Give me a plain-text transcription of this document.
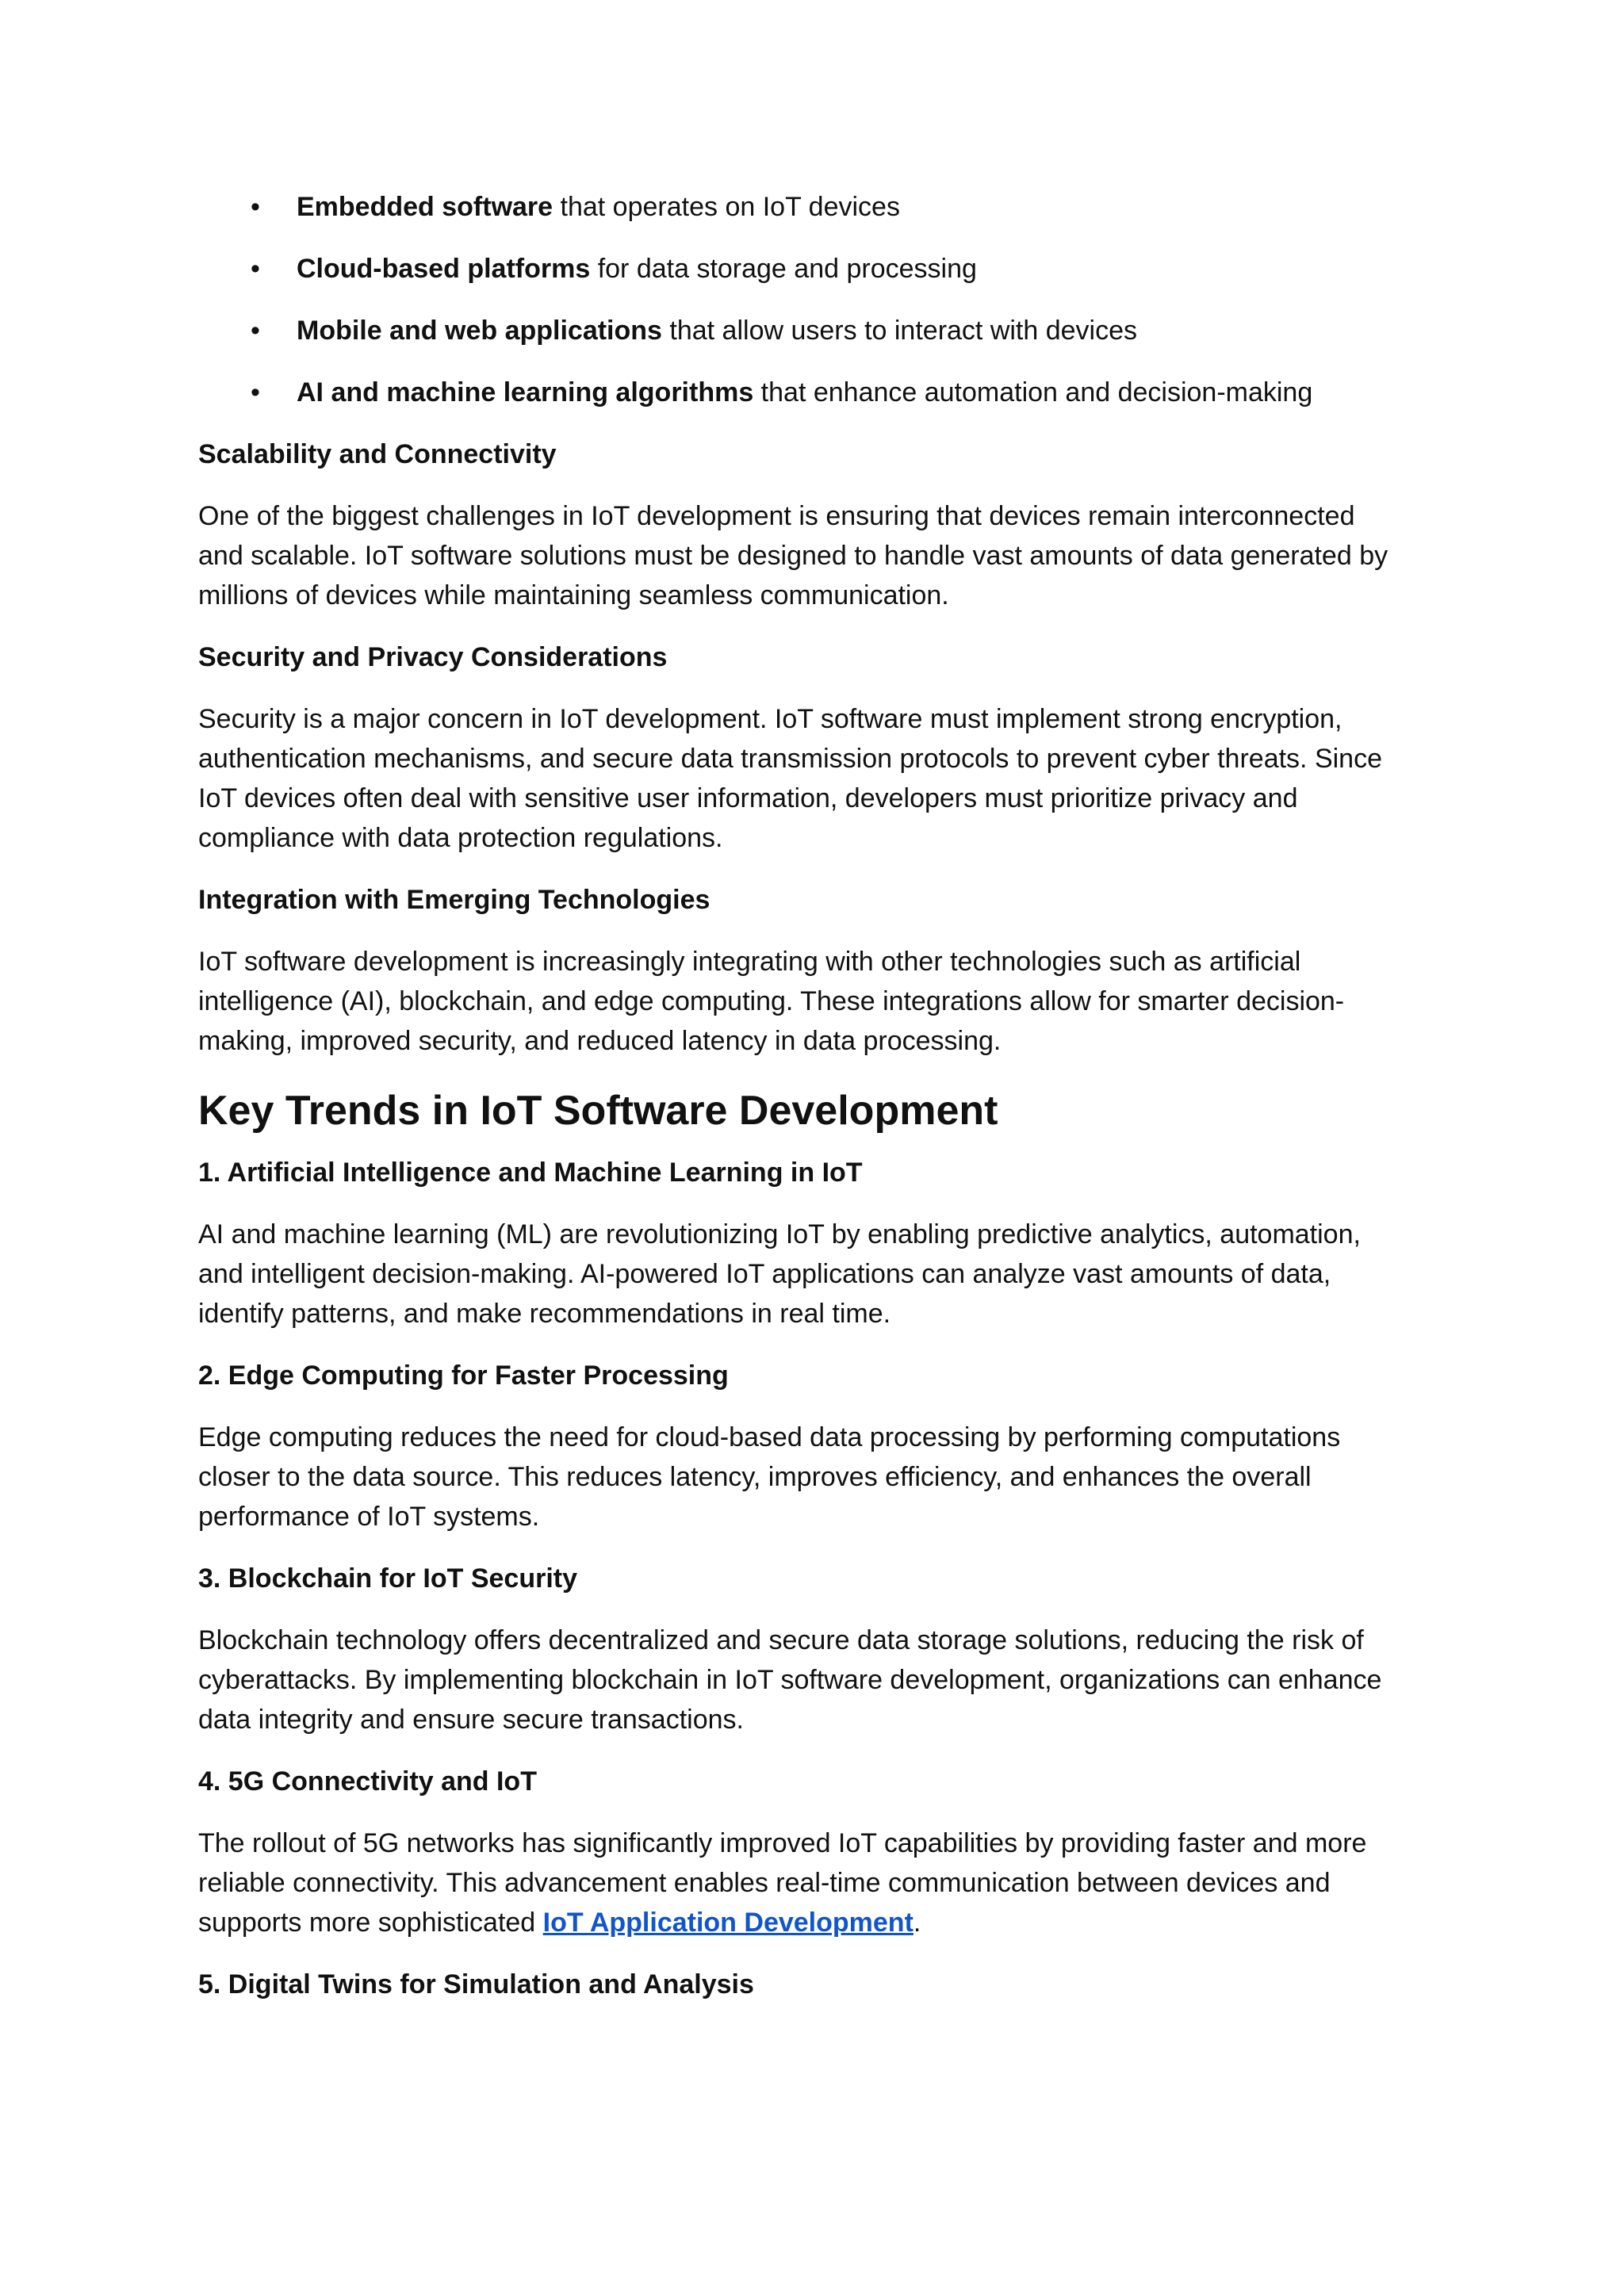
• Embedded software that operates on IoT devices
• Cloud-based platforms for data storage and processing
• Mobile and web applications that allow users to interact with devices
• AI and machine learning algorithms that enhance automation and decision-making
Scalability and Connectivity
One of the biggest challenges in IoT development is ensuring that devices remain interconnected
and scalable. IoT software solutions must be designed to handle vast amounts of data generated by
millions of devices while maintaining seamless communication.
Security and Privacy Considerations
Security is a major concern in IoT development. IoT software must implement strong encryption,
authentication mechanisms, and secure data transmission protocols to prevent cyber threats. Since
IoT devices often deal with sensitive user information, developers must prioritize privacy and
compliance with data protection regulations.
Integration with Emerging Technologies
IoT software development is increasingly integrating with other technologies such as artificial
intelligence (AI), blockchain, and edge computing. These integrations allow for smarter decision-
making, improved security, and reduced latency in data processing.
Key Trends in IoT Software Development
1. Artificial Intelligence and Machine Learning in IoT
AI and machine learning (ML) are revolutionizing IoT by enabling predictive analytics, automation,
and intelligent decision-making. AI-powered IoT applications can analyze vast amounts of data,
identify patterns, and make recommendations in real time.
2. Edge Computing for Faster Processing
Edge computing reduces the need for cloud-based data processing by performing computations
closer to the data source. This reduces latency, improves efficiency, and enhances the overall
performance of IoT systems.
3. Blockchain for IoT Security
Blockchain technology offers decentralized and secure data storage solutions, reducing the risk of
cyberattacks. By implementing blockchain in IoT software development, organizations can enhance
data integrity and ensure secure transactions.
4. 5G Connectivity and IoT
The rollout of 5G networks has significantly improved IoT capabilities by providing faster and more
reliable connectivity. This advancement enables real-time communication between devices and
supports more sophisticated IoT Application Development.
5. Digital Twins for Simulation and Analysis
